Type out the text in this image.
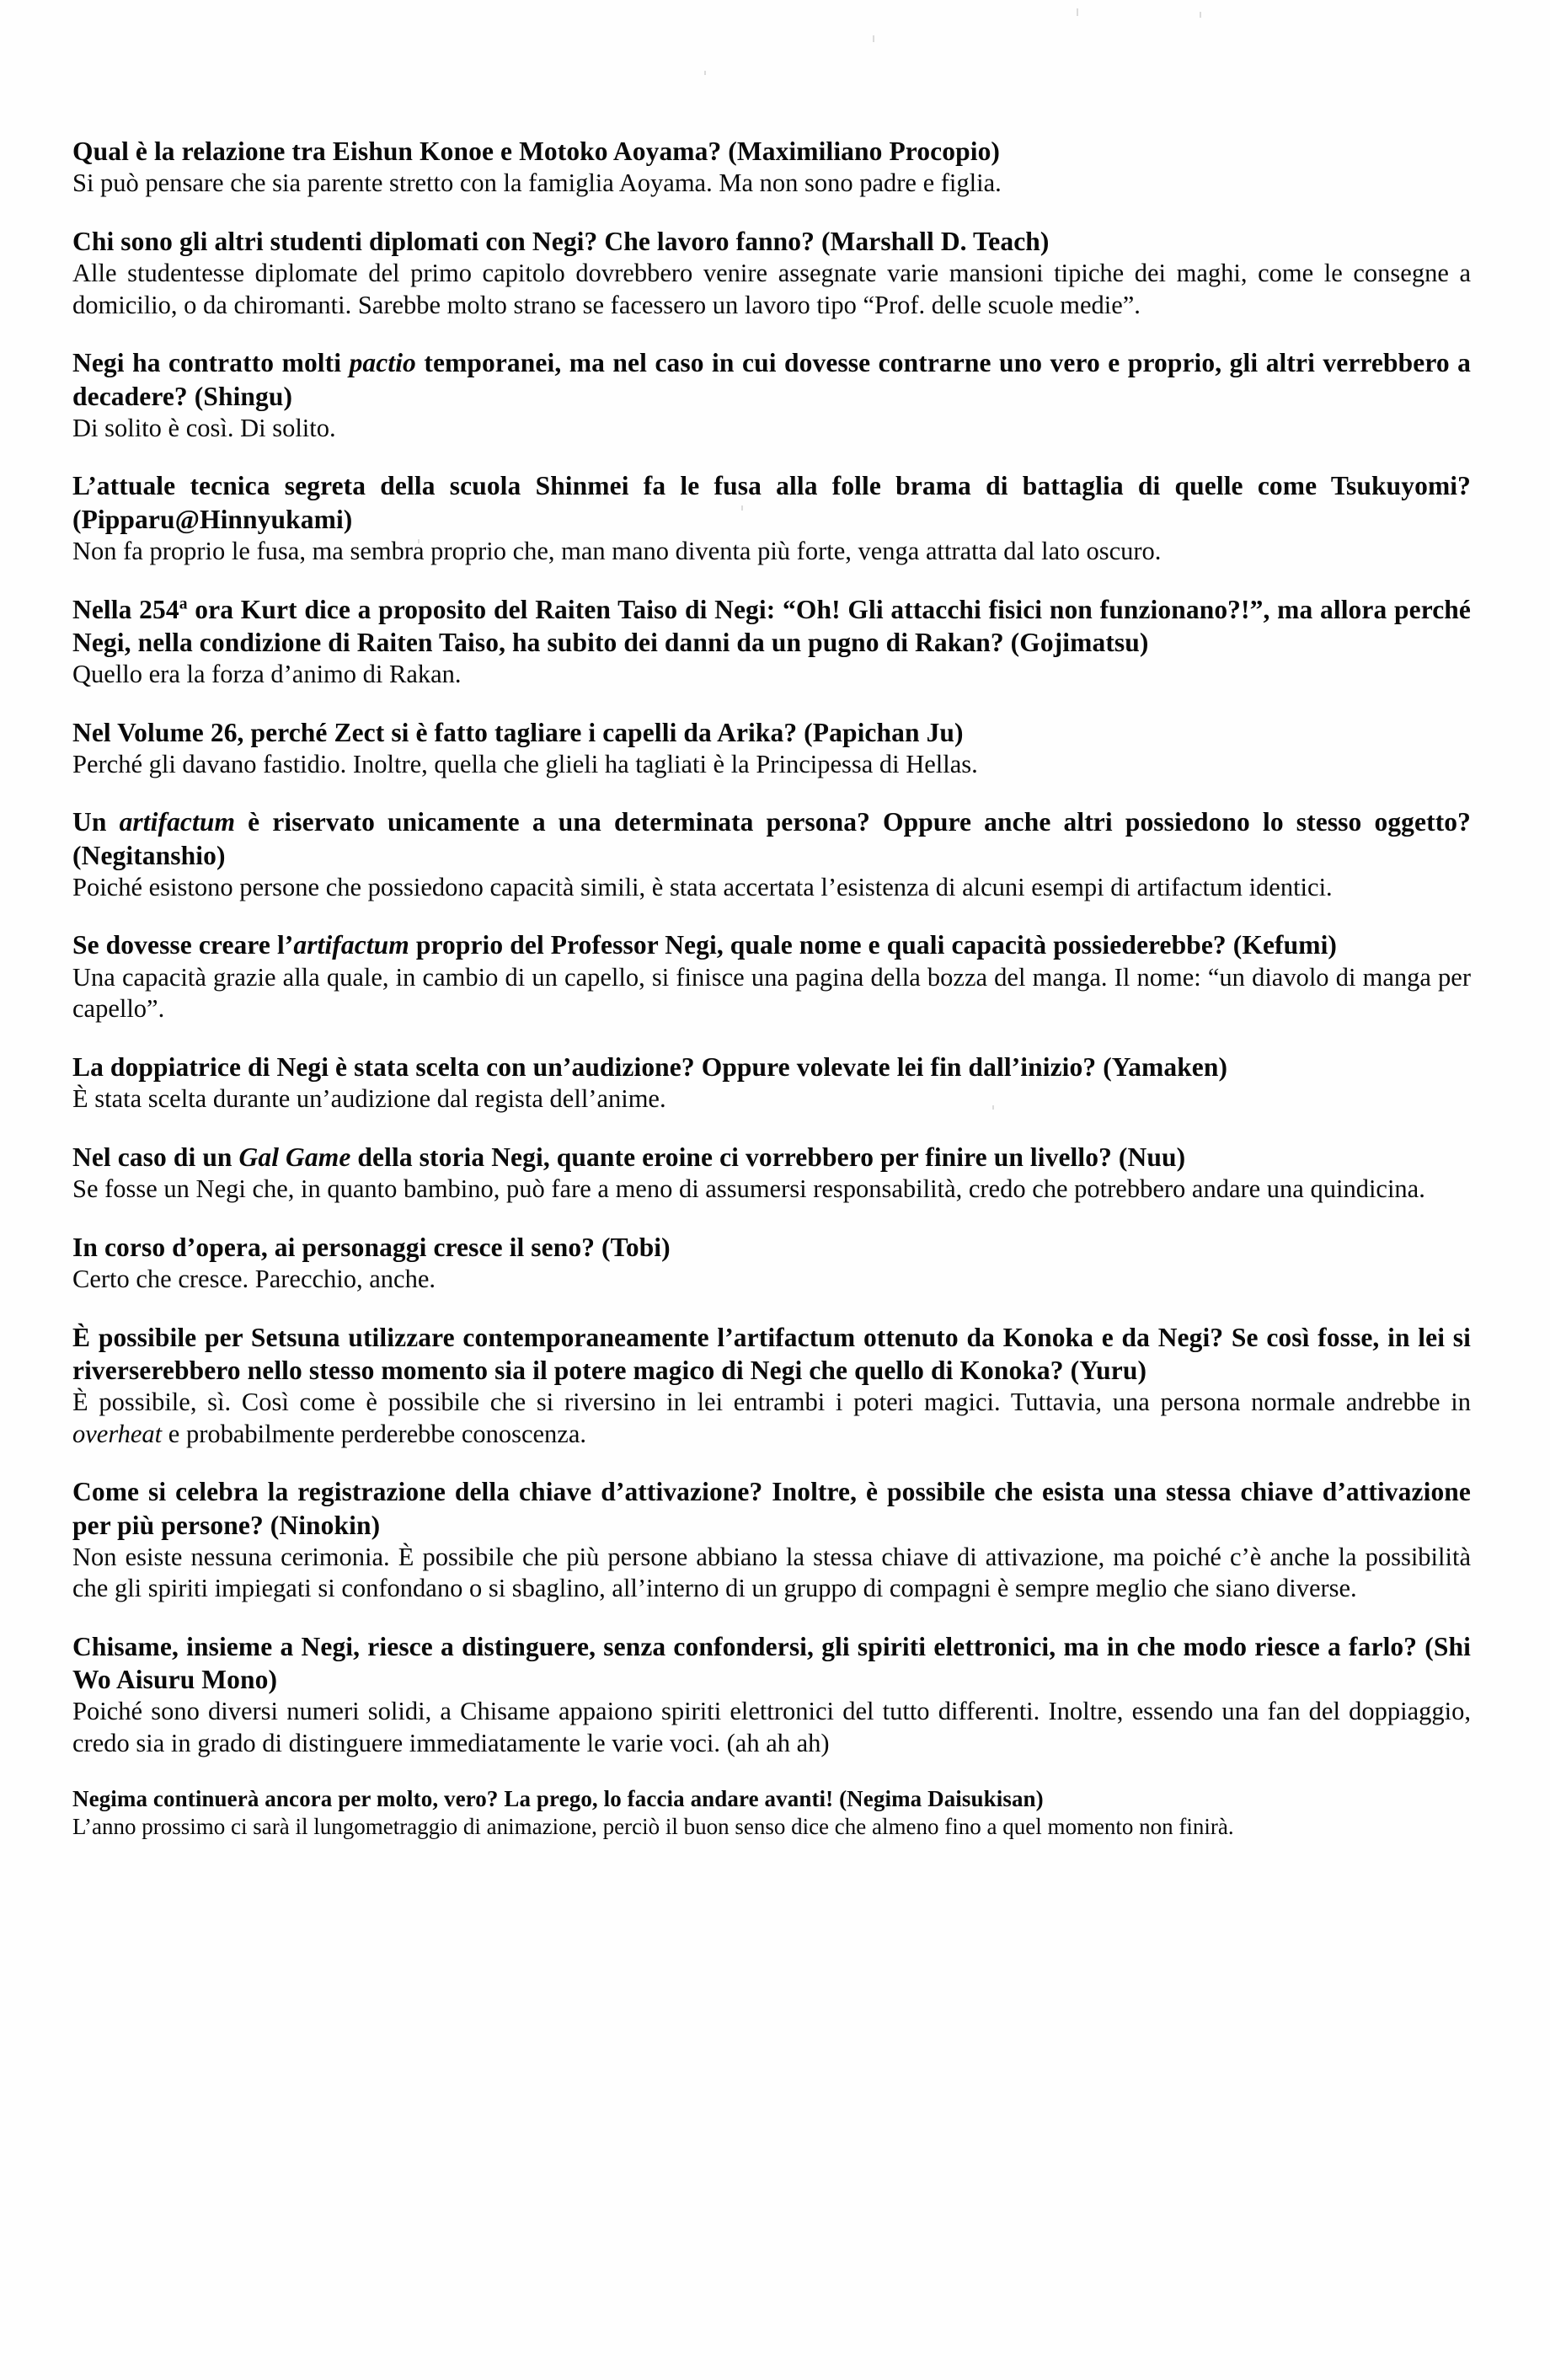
Qual è la relazione tra Eishun Konoe e Motoko Aoyama? (Maximiliano Procopio)

Si può pensare che sia parente stretto con la famiglia Aoyama. Ma non sono padre e figlia.

Chi sono gli altri studenti diplomati con Negi? Che lavoro fanno? (Marshall D. Teach)

Alle studentesse diplomate del primo capitolo dovrebbero venire assegnate varie mansioni tipiche dei maghi, come le consegne a domicilio, o da chiromanti. Sarebbe molto strano se facessero un lavoro tipo “Prof. delle scuole medie”.

Negi ha contratto molti pactio temporanei, ma nel caso in cui dovesse contrarne uno vero e proprio, gli altri verrebbero a decadere? (Shingu)

Di solito è così. Di solito.

L’attuale tecnica segreta della scuola Shinmei fa le fusa alla folle brama di battaglia di quelle come Tsukuyomi? (Pipparu@Hinnyukami)

Non fa proprio le fusa, ma sembra proprio che, man mano diventa più forte, venga attratta dal lato oscuro.

Nella 254$^a$ ora Kurt dice a proposito del Raiten Taiso di Negi: “Oh! Gli attacchi fisici non funzionano?!”, ma allora perché Negi, nella condizione di Raiten Taiso, ha subito dei danni da un pugno di Rakan? (Gojimatsu)

Quello era la forza d’animo di Rakan.

Nel Volume 26, perché Zect si è fatto tagliare i capelli da Arika? (Papichan Ju)

Perché gli davano fastidio. Inoltre, quella che glieli ha tagliati è la Principessa di Hellas.

Un artifactum è riservato unicamente a una determinata persona? Oppure anche altri possiedono lo stesso oggetto? (Negitanshio)

Poiché esistono persone che possiedono capacità simili, è stata accertata l’esistenza di alcuni esempi di artifactum identici.

Se dovesse creare l’artifactum proprio del Professor Negi, quale nome e quali capacità possiederebbe? (Kefumi)

Una capacità grazie alla quale, in cambio di un capello, si finisce una pagina della bozza del manga. Il nome: “un diavolo di manga per capello”.

La doppiatrice di Negi è stata scelta con un’audizione? Oppure volevate lei fin dall’inizio? (Yamaken)

È stata scelta durante un’audizione dal regista dell’anime.

Nel caso di un Gal Game della storia Negi, quante eroine ci vorrebbero per finire un livello? (Nuu)

Se fosse un Negi che, in quanto bambino, può fare a meno di assumersi responsabilità, credo che potrebbero andare una quindicina.

In corso d’opera, ai personaggi cresce il seno? (Tobi)

Certo che cresce. Parecchio, anche.

È possibile per Setsuna utilizzare contemporaneamente l’artifactum ottenuto da Konoka e da Negi? Se così fosse, in lei si riverserebbero nello stesso momento sia il potere magico di Negi che quello di Konoka? (Yuru)

È possibile, sì. Così come è possibile che si riversino in lei entrambi i poteri magici. Tuttavia, una persona normale andrebbe in overheat e probabilmente perderebbe conoscenza.

Come si celebra la registrazione della chiave d’attivazione? Inoltre, è possibile che esista una stessa chiave d’attivazione per più persone? (Ninokin)

Non esiste nessuna cerimonia. È possibile che più persone abbiano la stessa chiave di attivazione, ma poiché c’è anche la possibilità che gli spiriti impiegati si confondano o si sbaglino, all’interno di un gruppo di compagni è sempre meglio che siano diverse.

Chisame, insieme a Negi, riesce a distinguere, senza confondersi, gli spiriti elettronici, ma in che modo riesce a farlo? (Shi Wo Aisuru Mono)

Poiché sono diversi numeri solidi, a Chisame appaiono spiriti elettronici del tutto differenti. Inoltre, essendo una fan del doppiaggio, credo sia in grado di distinguere immediatamente le varie voci. (ah ah ah)

Negima continuerà ancora per molto, vero? La prego, lo faccia andare avanti! (Negima Daisukisan)

L’anno prossimo ci sarà il lungometraggio di animazione, perciò il buon senso dice che almeno fino a quel momento non finirà.
